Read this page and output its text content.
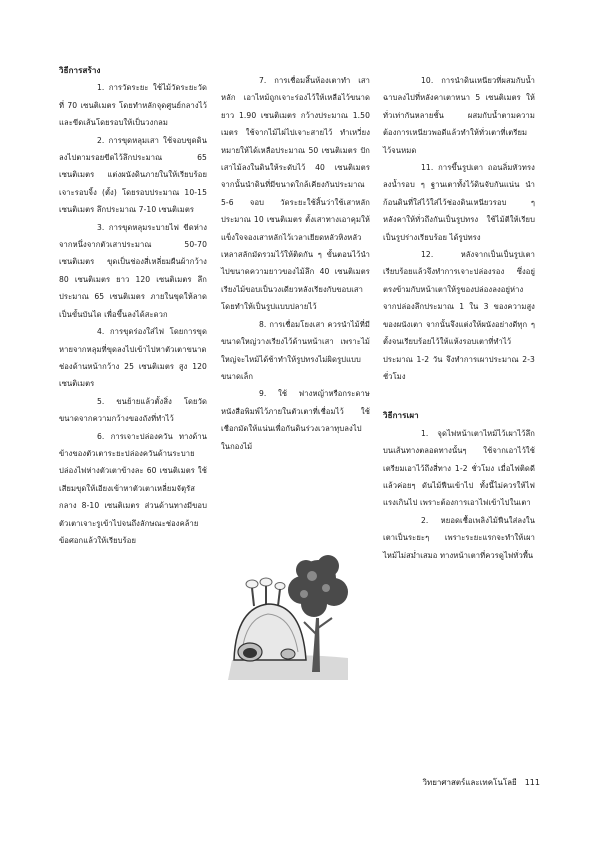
วิธีการสร้าง

1. การวัดระยะ ใช้ไม้วัดระยะวัดที่ 70 เซนติเมตร โดยทำหลักจุดศูนย์กลางไว้และขีดเส้นโดยรอบให้เป็นวงกลม

2. การขุดหลุมเสา ใช้จอบขุดดินลงไปตามรอยขีดไว้ลึกประมาณ 65 เซนติเมตร แต่งผนังดินภายในให้เรียบร้อย เจาะรอบจิ้ง (ตั้ง) โดยรอบประมาณ 10-15 เซนติเมตร ลึกประมาณ 7-10 เซนติเมตร

3. การขุดหลุมระบายไฟ ขีดห่างจากหนึ่งจากตัวเสาประมาณ 50-70 เซนติเมตร ขุดเป็นช่องสี่เหลี่ยมผืนผ้ากว้าง 80 เซนติเมตร ยาว 120 เซนติเมตร ลึกประมาณ 65 เซนติเมตร ภายในขุดให้ลาดเป็นขั้นบันได เพื่อขึ้นลงได้สะดวก

4. การขุดร่องใส่ไฟ โดยการขุดหายจากหลุมที่ขุดลงไปเข้าไปหาตัวเตาขนาดช่องด้านหน้ากว้าง 25 เซนติเมตร สูง 120 เซนติเมตร

5. ขนย้ายแล้วตั้งสิ่ง โดยวัดขนาดจากความกว้างของถังที่ทำไว้

6. การเจาะปล่องควัน ทางด้านข้างของตัวเตาระยะปล่องควันด้านระบายปล่องไฟห่างตัวเตาข้างละ 60 เซนติเมตร ใช้เสียมขุดให้เอียงเข้าหาตัวเตาเหลี่ยมจัตุรัสกลาง 8-10 เซนติเมตร ส่วนด้านทางมีขอบตัวเตาเจาะรูเข้าไปจนถึงลักษณะช่องคล้ายข้อศอกแล้วให้เรียบร้อย

7. การเชื่อมสิ้นห้องเตาทำ เสาหลัก เอาไหม้ถูกเจาะร่องไว้ให้เหลือไว้ขนาดยาว 1.90 เซนติเมตร กว้างประมาณ 1.50 เมตร ใช้จากไม้ไผ่ไปเจาะสายไว้ ทำเหวี่ยงหมายให้ได้เหลือประมาณ 50 เซนติเมตร ปักเสาไม้ลงในดินให้ระดับไว้ 40 เซนติเมตร จากนั้นนำดินที่มีขนาดใกล้เคียงกันประมาณ 5-6 จอบ วัดระยะใช้สิ้นว่าใช้เสาหลักประมาณ 10 เซนติเมตร ตั้งเสาทางเอาคุมให้แข็งใจจองเสาหลักไว้เวลาเยียดหลัวหิงหลัวเหลาสลักมัดรวมไว้ให้ติดกัน ๆ ขั้นตอนไว้นำไปขนาดความยาวของไม้ลึก 40 เซนติเมตร เรียงไม้ขอบเป็นวงเดียวหลังเรียงกับขอบเสา โดยทำให้เป็นรูปแบบปลายไว้

8. การเชื่อมโยงเสา ควรนำไม้ที่มีขนาดใหญ่วางเรียงไว้ด้านหน้าเสา เพราะไม้ใหญ่จะไหม้ได้ช้าทำให้รูปทรงไม่ผิดรูปแบบขนาดเล็ก

9. ใช้ ฟางหญ้าหรือกระดาษหนังสือพิมพ์ไว้ภายในตัวเตาที่เชื่อมไว้ ใช้เชือกมัดให้แน่นเพื่อกันดินร่วงเวลาทุบลงไปในกองไม้

10. การนำดินเหนียวที่ผสมกับน้ำฉาบลงไปที่หลังคาเตาหนา 5 เซนติเมตร ให้ทั่วเท่ากันหลายชั้น ผสมกับน้ำตามความต้องการเหนียวพอดีแล้วทำให้ทั่วเตาที่เตรียมไว้จนหมด

11. การขึ้นรูปเตา ถอนลิ่มหัวทรงลงน้ำรอบ ๆ ฐานเตาทั้งไว้ดินจับกันแน่น นำก้อนดินที่ใส่ไว้ใส่ไว้ช่องดินเหนียวรอบ ๆ หลังคาให้ทั่วถึงกันเป็นรูปทรง ใช้ไม้ตีให้เรียบเป็นรูปร่างเรียบร้อย ได้รูปทรง

12. หลังจากเป็นเป็นรูปเตาเรียบร้อยแล้วจึงทำการเจาะปล่องรอง ซึ่งอยู่ตรงข้ามกับหน้าเตาให้รูของปล่องลงอยู่ห่างจากปล่องลึกประมาณ 1 ใน 3 ของความสูงของผนังเตา จากนั้นจึงแต่งให้ผนังอย่างดีทุก ๆ ตั้งจนเรียบร้อยไว้ให้แห้งรอบเตาที่ทำไว้ประมาณ 1-2 วัน จึงทำการเผาประมาณ 2-3 ชั่วโมง

วิธีการเผา

1. จุดไฟหน้าเตาไหม้ไว้เผาไว้ลึกบนเส้นทางตลอดทางนั้นๆ ใช้จากเอาไว้ใช้เตรียมเอาไว้ถึงสี่ทาง 1-2 ชั่วโมง เมื่อไฟติดดีแล้วค่อยๆ ดันไม้ฟืนเข้าไป ทั้งนี้ไม่ควรให้ไฟแรงเกินไป เพราะต้องการเอาไฟเข้าไปในเตา

2. หยอดเชื้อเพลิงไม้ฟืนใส่ลงในเตาเป็นระยะๆ เพราะระยะแรกจะทำให้เผาไหม้ไม่สม่ำเสมอ ทางหน้าเตาที่ควรดูไฟทั่วพื้น

วิทยาศาสตร์และเทคโนโลยี 111
